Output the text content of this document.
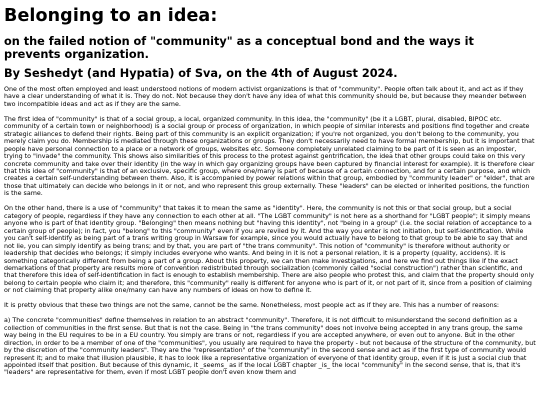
Belonging to an idea:
on the failed notion of "community" as a conceptual bond and the ways it prevents organization.
By Seshedyt (and Hypatia) of Sva, on the 4th of August 2024.

One of the most often employed and least understood notions of modern activist organizations is that of "community". People often talk about it, and act as if they have a clear understanding of what it is. They do not. Not because they don't have any idea of what this community should be, but because they meander between two incompatible ideas and act as if they are the same.

The first idea of "community" is that of a social group, a local, organized community. In this idea, the "community" (be it a LGBT, plural, disabled, BIPOC etc. community of a certain town or neighborhood) is a social group or process of organization, in which people of similar interests and positions find together and create strategic alliances to defend their rights. Being part of this community is an explicit organization; if you're not organized, you don't belong to the community, you merely claim you do. Membership is mediated through these organizations or groups. They don't necessarily need to have formal membership, but it is important that people have personal connection to a place or a network of groups, websites etc. Someone completely unrelated claiming to be part of it is seen as an imposter, trying to "invade" the community. This shows also similarities of this process to the protest against gentrification, the idea that other groups could take on this very concrete community and take over their identity (in the way in which gay organizing groups have been captured by financial interest for example). It is therefore clear that this idea of "community" is that of an exclusive, specific group, where one/many is part of because of a certain connection, and for a certain purpose, and which creates a certain self-understanding between them. Also, it is accompanied by power relations within that group, embodied by "community leader" or "elder", that are those that ultimately can decide who belongs in it or not, and who represent this group externally. These "leaders" can be elected or inherited positions, the function is the same.

On the other hand, there is a use of "community" that takes it to mean the same as "identity". Here, the community is not this or that social group, but a social category of people, regardless if they have any connection to each other at all. "The LGBT community" is not here as a shorthand for "LGBT people"; it simply means anyone who is part of that identity group. "Belonging" then means nothing but "having this identity", not "being in a group" (i.e. the social relation of acceptance to a certain group of people); in fact, you "belong" to this "community" even if you are reviled by it. And the way you enter is not initiation, but self-identification. While you can't self-identify as being part of a trans writing group in Warsaw for example, since you would actually have to belong to that group to be able to say that and not lie, you can simply identify as being trans; and by that, you are part of "the trans community". This notion of "community" is therefore without authority or leadership that decides who belongs; it simply includes everyone who wants. And being in it is not a personal relation, it is a property (quality, accidens). It is something categorically different from being a part of a group. About this property, we can then make investigations, and here we find out things like if the exact demarkations of that property are results more of convention redistributed through socialization (commonly called "social construction") rather than scientific, and that therefore this idea of self-identification in fact is enough to establish membership. There are also people who protest this, and claim that the property should only belong to certain people who claim it; and therefore, this "community" really is different for anyone who is part of it, or not part of it, since from a position of claiming or not claiming that property alike one/many can have any numbers of ideas on how to define it.

It is pretty obvious that these two things are not the same, cannot be the same. Nonetheless, most people act as if they are. This has a number of reasons:

a) The concrete "communities" define themselves in relation to an abstract "community". Therefore, it is not difficult to misunderstand the second definition as a collection of communities in the first sense. But that is not the case. Being in "the trans community" does not involve being accepted in any trans group, the same way being in the EU requires to be in a EU country. You simply are trans or not, regardless if you are accepted anywhere, or even out to anyone. But in the other direction, in order to be a member of one of the "communities", you usually are required to have the property - but not because of the structure of the community, but by the discretion of the "community leaders". They are the "representation" of the "community" in the second sense and act as if the first type of community would represent it; and to make that illusion plausible, it has to look like a representative organization of everyone of that identity group, even if it is just a social club that appointed itself that position. But because of this dynamic, it _seems_ as if the local LGBT chapter _is_ the local "community" in the second sense, that is, that it's "leaders" are representative for them, even if most LGBT people don't even know them and
